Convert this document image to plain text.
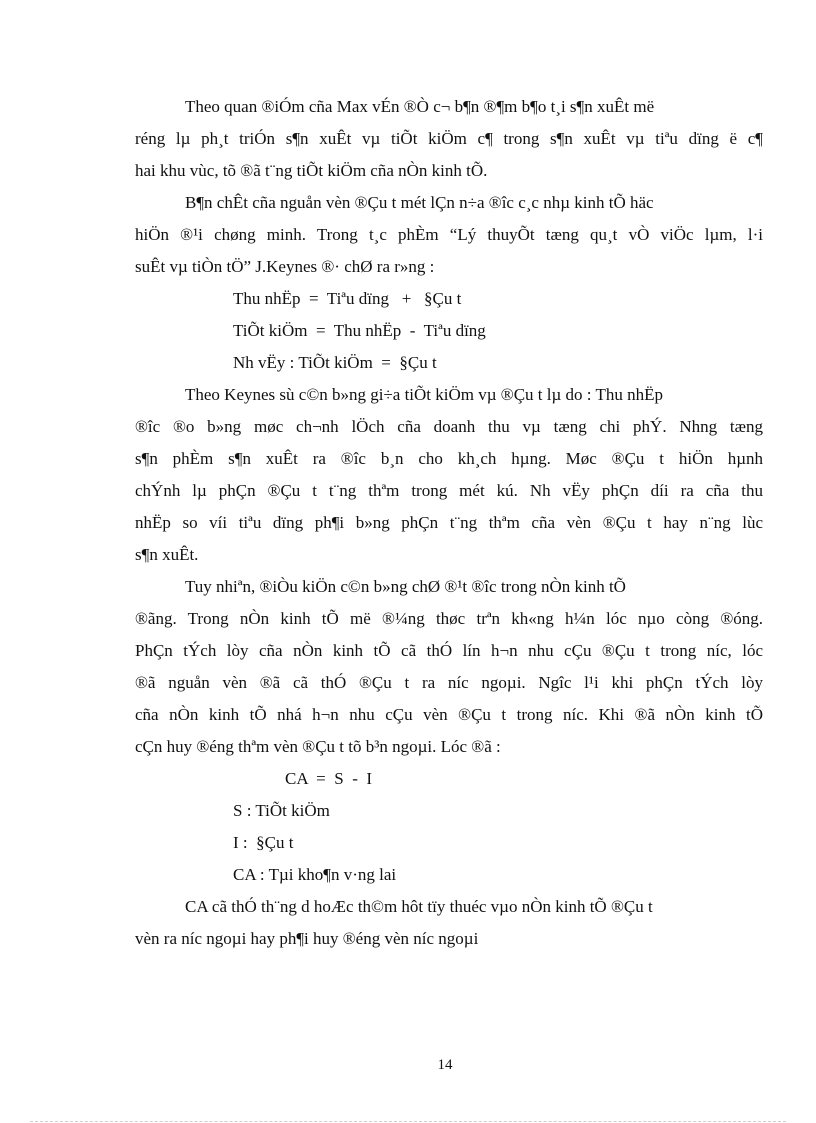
Theo quan ®iÓm cña Max vÉn ®Ò c¬ b¶n ®¶m b¶o t¸i s¶n xuÊt më
réng lµ ph¸t triÓn s¶n xuÊt vµ tiÕt kiÖm c¶ trong s¶n xuÊt vµ tiªu dïng ë c¶
hai khu vùc, tõ ®ã t¨ng tiÕt kiÖm cña nÒn kinh tÕ.
B¶n chÊt cña nguån vèn ®Çu t mét lÇn n÷a ®îc c¸c nhµ kinh tÕ häc
hiÖn ®¹i chøng minh. Trong t¸c phÈm “Lý thuyÕt tæng qu¸t vÒ viÖc lµm, l·i
suÊt vµ tiÒn tÖ” J.Keynes ®· chØ ra r»ng :
Thu nhËp  =  Tiªu dïng   +   §Çu t
TiÕt kiÖm  =  Thu nhËp  -  Tiªu dïng
Nh vËy : TiÕt kiÖm  =  §Çu t
Theo Keynes sù c©n b»ng gi÷a tiÕt kiÖm vµ ®Çu t lµ do : Thu nhËp
®îc ®o b»ng møc ch¬nh lÖch cña doanh thu vµ tæng chi phÝ. Nhng tæng
s¶n phÈm s¶n xuÊt ra ®îc b¸n cho kh¸ch hµng. Møc ®Çu t hiÖn hµnh
chÝnh lµ phÇn ®Çu t t¨ng thªm trong mét kú. Nh vËy phÇn díi ra cña thu
nhËp so víi tiªu dïng ph¶i b»ng phÇn t¨ng thªm cña vèn ®Çu t hay n¨ng lùc
s¶n xuÊt.
Tuy nhiªn, ®iÒu kiÖn c©n b»ng chØ ®¹t ®îc trong nÒn kinh tÕ
®ãng. Trong nÒn kinh tÕ më ®¼ng thøc trªn kh«ng h¼n lóc nµo còng ®óng.
PhÇn tÝch lòy cña nÒn kinh tÕ cã thÓ lín h¬n nhu cÇu ®Çu t trong níc, lóc
®ã nguån vèn ®ã cã thÓ ®Çu t ra níc ngoµi. Ngîc l¹i khi phÇn tÝch lòy
cña nÒn kinh tÕ nhá h¬n nhu cÇu vèn ®Çu t trong níc. Khi ®ã nÒn kinh tÕ
cÇn huy ®éng thªm vèn ®Çu t tõ b³n ngoµi. Lóc ®ã :
CA  =  S  -  I
S : TiÕt kiÖm
I :  §Çu t
CA : Tµi kho¶n v·ng lai
CA cã thÓ th¨ng d hoÆc th©m hôt tïy thuéc vµo nÒn kinh tÕ ®Çu t
vèn ra níc ngoµi hay ph¶i huy ®éng vèn níc ngoµi
14
